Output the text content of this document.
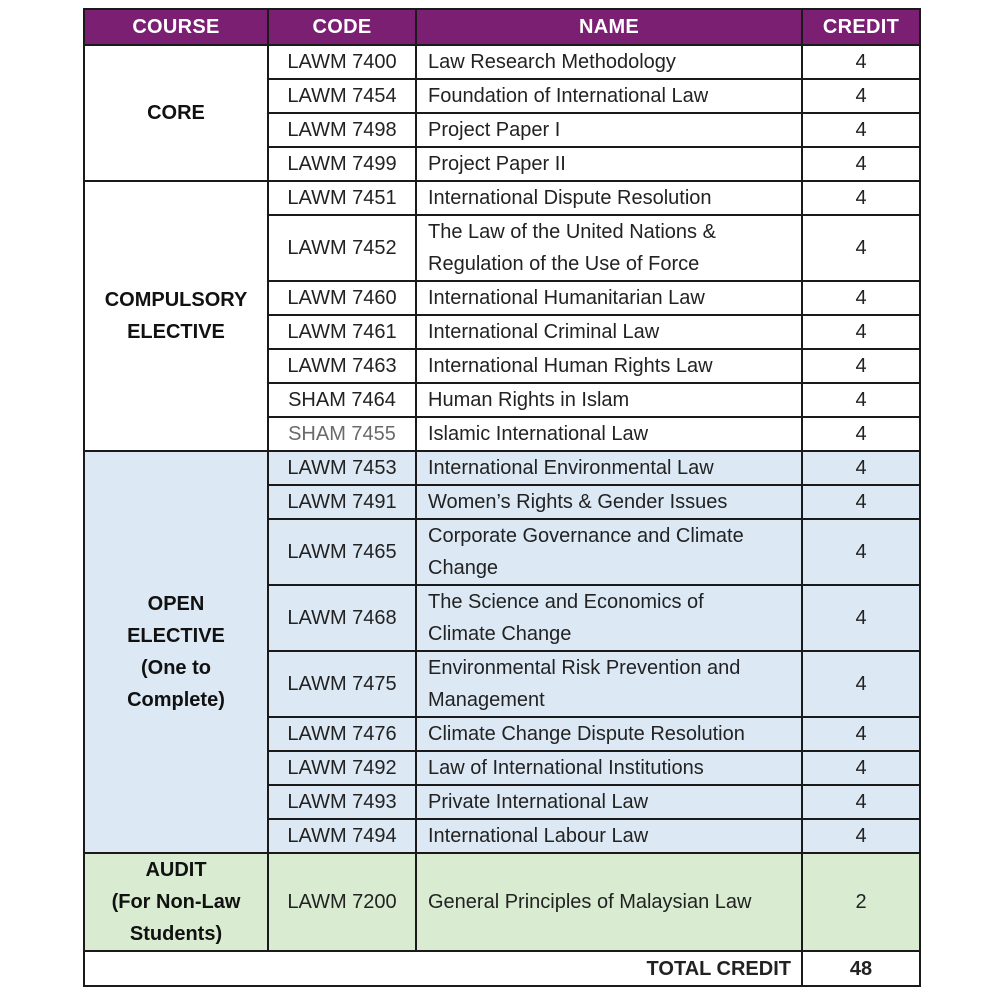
COURSE	CODE	NAME	CREDIT

CORE	LAWM 7400	Law Research Methodology	4
	LAWM 7454	Foundation of International Law	4
	LAWM 7498	Project Paper I	4
	LAWM 7499	Project Paper II	4

COMPULSORY
ELECTIVE	LAWM 7451	International Dispute Resolution	4
	LAWM 7452	The Law of the United Nations &
Regulation of the Use of Force	4
	LAWM 7460	International Humanitarian Law	4
	LAWM 7461	International Criminal Law	4
	LAWM 7463	International Human Rights Law	4
	SHAM 7464	Human Rights in Islam	4
	SHAM 7455	Islamic International Law	4

OPEN
ELECTIVE
(One to
Complete)	LAWM 7453	International Environmental Law	4
	LAWM 7491	Women’s Rights & Gender Issues	4
	LAWM 7465	Corporate Governance and Climate
Change	4
	LAWM 7468	The Science and Economics of
Climate Change	4
	LAWM 7475	Environmental Risk Prevention and
Management	4
	LAWM 7476	Climate Change Dispute Resolution	4
	LAWM 7492	Law of International Institutions	4
	LAWM 7493	Private International Law	4
	LAWM 7494	International Labour Law	4

AUDIT
(For Non-Law
Students)	LAWM 7200	General Principles of Malaysian Law	2
TOTAL CREDIT			48
